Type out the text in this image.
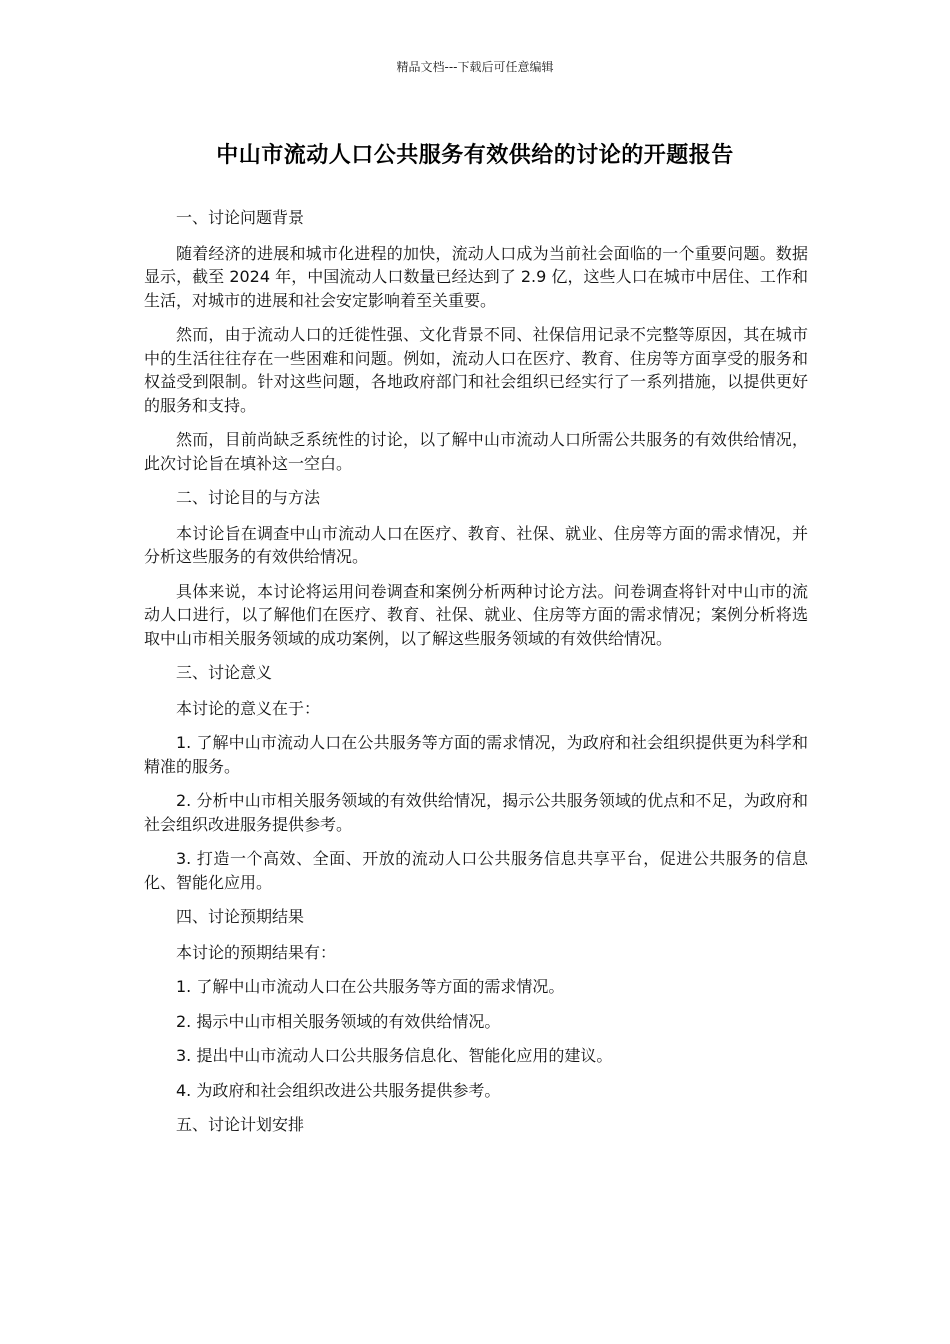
精品文档---下载后可任意编辑
中山市流动人口公共服务有效供给的讨论的开题报告

一、讨论问题背景

随着经济的进展和城市化进程的加快，流动人口成为当前社会面临的一个重要问题。数据显示，截至 2024 年，中国流动人口数量已经达到了 2.9 亿，这些人口在城市中居住、工作和生活，对城市的进展和社会安定影响着至关重要。

然而，由于流动人口的迁徙性强、文化背景不同、社保信用记录不完整等原因，其在城市中的生活往往存在一些困难和问题。例如，流动人口在医疗、教育、住房等方面享受的服务和权益受到限制。针对这些问题，各地政府部门和社会组织已经实行了一系列措施，以提供更好的服务和支持。

然而，目前尚缺乏系统性的讨论，以了解中山市流动人口所需公共服务的有效供给情况，此次讨论旨在填补这一空白。

二、讨论目的与方法

本讨论旨在调查中山市流动人口在医疗、教育、社保、就业、住房等方面的需求情况，并分析这些服务的有效供给情况。

具体来说，本讨论将运用问卷调查和案例分析两种讨论方法。问卷调查将针对中山市的流动人口进行，以了解他们在医疗、教育、社保、就业、住房等方面的需求情况；案例分析将选取中山市相关服务领域的成功案例，以了解这些服务领域的有效供给情况。

三、讨论意义

本讨论的意义在于：

1. 了解中山市流动人口在公共服务等方面的需求情况，为政府和社会组织提供更为科学和精准的服务。

2. 分析中山市相关服务领域的有效供给情况，揭示公共服务领域的优点和不足，为政府和社会组织改进服务提供参考。

3. 打造一个高效、全面、开放的流动人口公共服务信息共享平台，促进公共服务的信息化、智能化应用。

四、讨论预期结果

本讨论的预期结果有：

1. 了解中山市流动人口在公共服务等方面的需求情况。

2. 揭示中山市相关服务领域的有效供给情况。

3. 提出中山市流动人口公共服务信息化、智能化应用的建议。

4. 为政府和社会组织改进公共服务提供参考。

五、讨论计划安排
